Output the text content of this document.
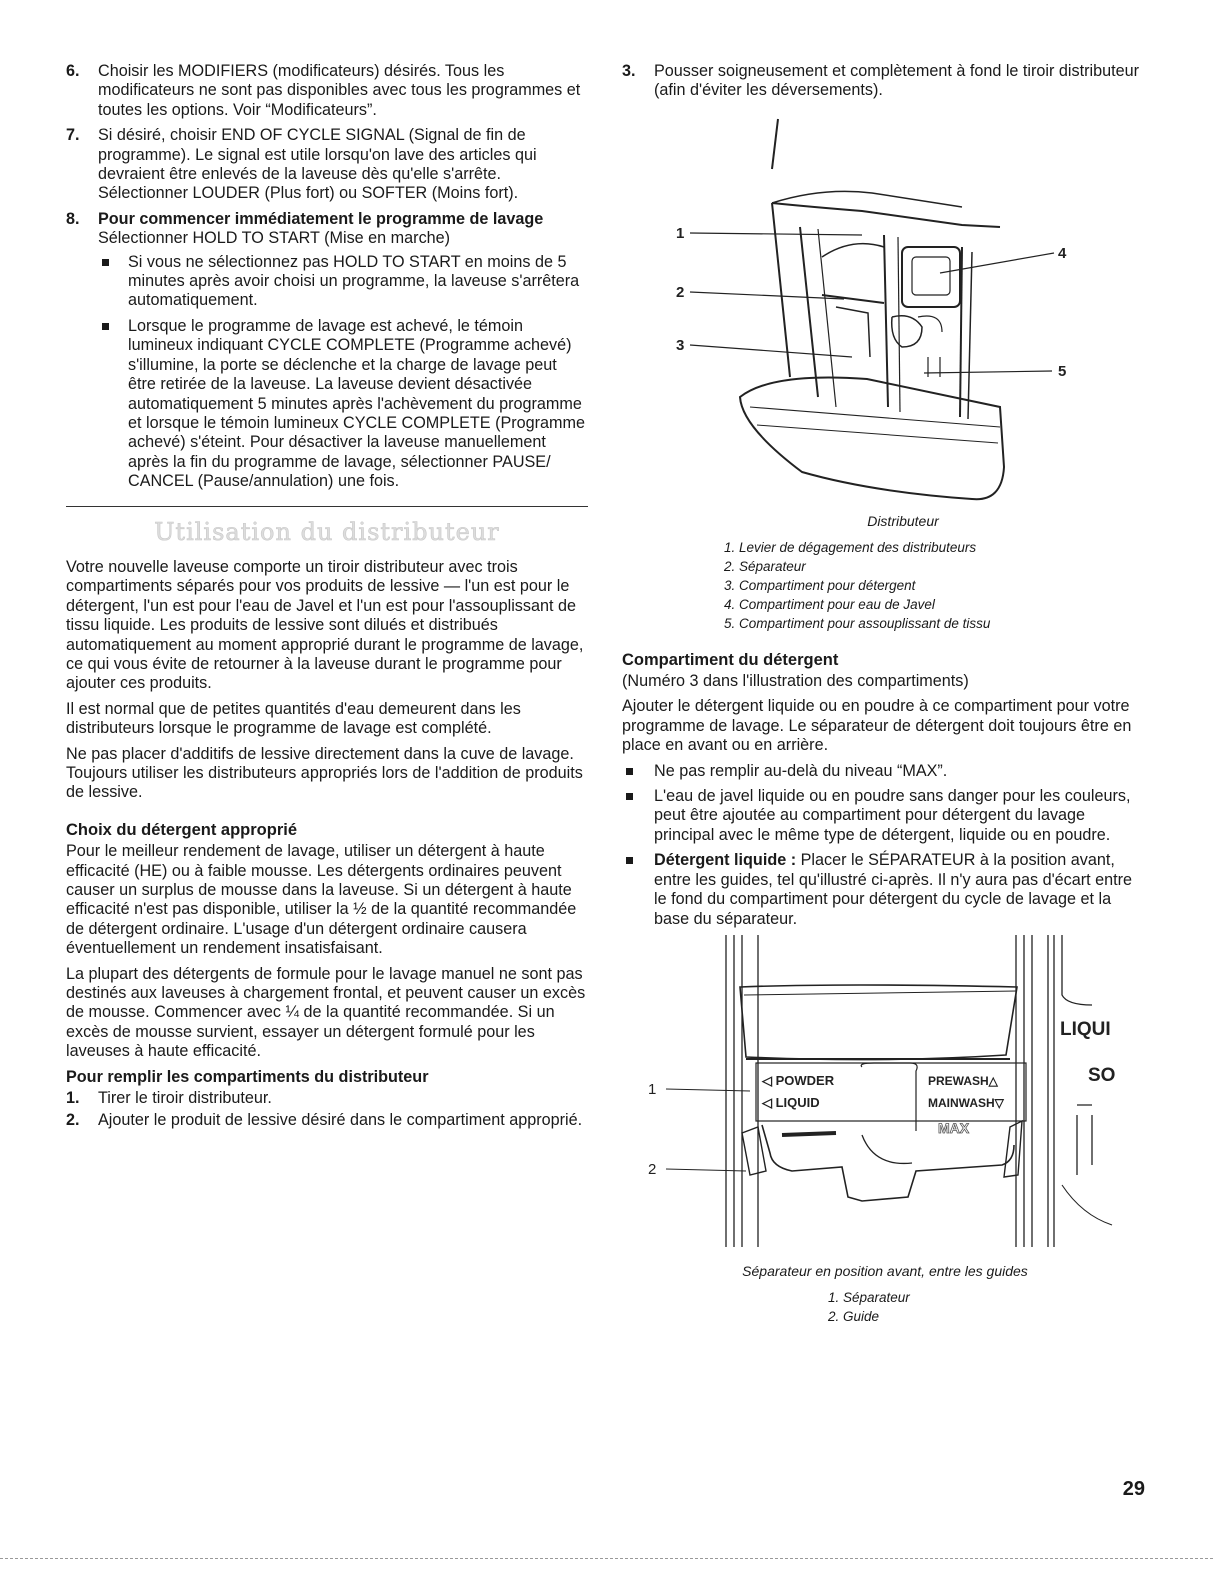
6. Choisir les MODIFIERS (modificateurs) désirés. Tous les modificateurs ne sont pas disponibles avec tous les programmes et toutes les options. Voir “Modificateurs”.
7. Si désiré, choisir END OF CYCLE SIGNAL (Signal de fin de programme). Le signal est utile lorsqu'on lave des articles qui devraient être enlevés de la laveuse dès qu'elle s'arrête. Sélectionner LOUDER (Plus fort) ou SOFTER (Moins fort).
8. Pour commencer immédiatement le programme de lavage
Sélectionner HOLD TO START (Mise en marche)
Si vous ne sélectionnez pas HOLD TO START en moins de 5 minutes après avoir choisi un programme, la laveuse s'arrêtera automatiquement.
Lorsque le programme de lavage est achevé, le témoin lumineux indiquant CYCLE COMPLETE (Programme achevé) s'illumine, la porte se déclenche et la charge de lavage peut être retirée de la laveuse. La laveuse devient désactivée automatiquement 5 minutes après l'achèvement du programme et lorsque le témoin lumineux CYCLE COMPLETE (Programme achevé) s'éteint. Pour désactiver la laveuse manuellement après la fin du programme de lavage, sélectionner PAUSE/ CANCEL (Pause/annulation) une fois.
Utilisation du distributeur

Votre nouvelle laveuse comporte un tiroir distributeur avec trois compartiments séparés pour vos produits de lessive — l'un est pour le détergent, l'un est pour l'eau de Javel et l'un est pour l'assouplissant de tissu liquide. Les produits de lessive sont dilués et distribués automatiquement au moment approprié durant le programme de lavage, ce qui vous évite de retourner à la laveuse durant le programme pour ajouter ces produits.

Il est normal que de petites quantités d'eau demeurent dans les distributeurs lorsque le programme de lavage est complété.

Ne pas placer d'additifs de lessive directement dans la cuve de lavage. Toujours utiliser les distributeurs appropriés lors de l'addition de produits de lessive.

Choix du détergent approprié

Pour le meilleur rendement de lavage, utiliser un détergent à haute efficacité (HE) ou à faible mousse. Les détergents ordinaires peuvent causer un surplus de mousse dans la laveuse. Si un détergent à haute efficacité n'est pas disponible, utiliser la ½ de la quantité recommandée de détergent ordinaire. L'usage d'un détergent ordinaire causera éventuellement un rendement insatisfaisant.

La plupart des détergents de formule pour le lavage manuel ne sont pas destinés aux laveuses à chargement frontal, et peuvent causer un excès de mousse. Commencer avec ¼ de la quantité recommandée. Si un excès de mousse survient, essayer un détergent formulé pour les laveuses à haute efficacité.

Pour remplir les compartiments du distributeur
1. Tirer le tiroir distributeur.
2. Ajouter le produit de lessive désiré dans le compartiment approprié.
3. Pousser soigneusement et complètement à fond le tiroir distributeur (afin d'éviter les déversements).
1
2
3
4
5
Distributeur
1. Levier de dégagement des distributeurs
2. Séparateur
3. Compartiment pour détergent
4. Compartiment pour eau de Javel
5. Compartiment pour assouplissant de tissu
Compartiment du détergent

(Numéro 3 dans l'illustration des compartiments)

Ajouter le détergent liquide ou en poudre à ce compartiment pour votre programme de lavage. Le séparateur de détergent doit toujours être en place en avant ou en arrière.

Ne pas remplir au-delà du niveau “MAX”.
L'eau de javel liquide ou en poudre sans danger pour les couleurs, peut être ajoutée au compartiment pour détergent du lavage principal avec le même type de détergent, liquide ou en poudre.
Détergent liquide : Placer le SÉPARATEUR à la position avant, entre les guides, tel qu'illustré ci-après. Il n'y aura pas d'écart entre le fond du compartiment pour détergent du cycle de lavage et la base du séparateur.
◁ POWDER
◁ LIQUID
PREWASH△
MAINWASH▽
MAX
LIQUI
SO
1
2
Séparateur en position avant, entre les guides
1. Séparateur
2. Guide
29
